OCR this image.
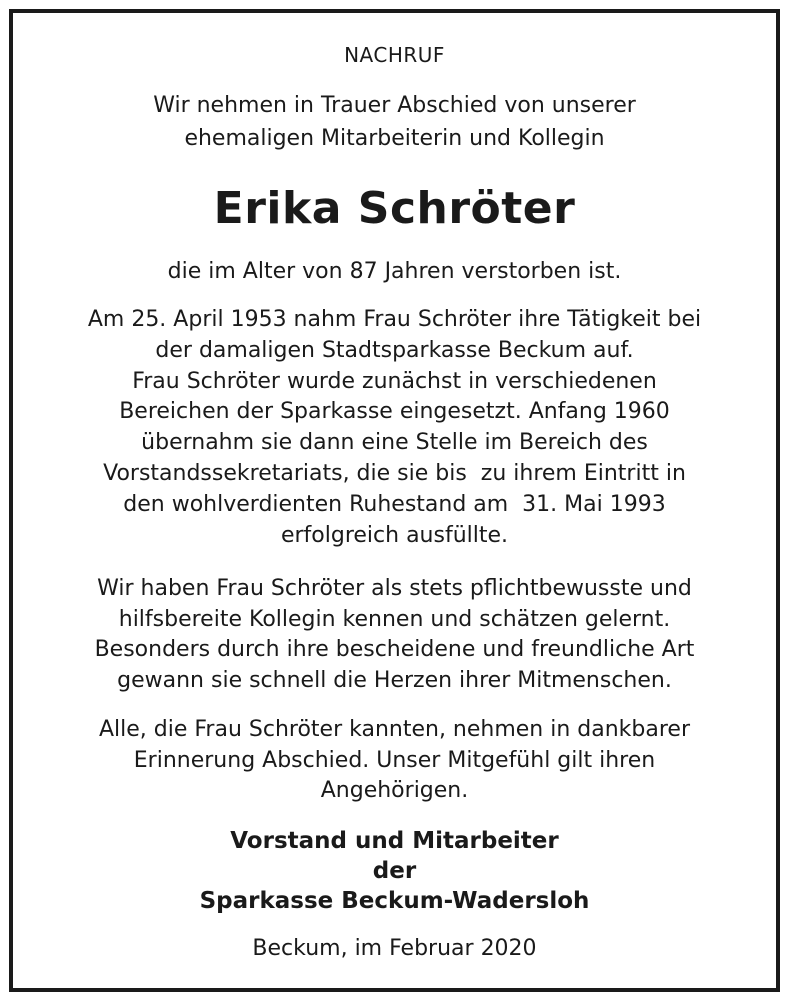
NACHRUF
Wir nehmen in Trauer Abschied von unserer
ehemaligen Mitarbeiterin und Kollegin
Erika Schröter
die im Alter von 87 Jahren verstorben ist.
Am 25. April 1953 nahm Frau Schröter ihre Tätigkeit bei
der damaligen Stadtsparkasse Beckum auf.
Frau Schröter wurde zunächst in verschiedenen
Bereichen der Sparkasse eingesetzt. Anfang 1960
übernahm sie dann eine Stelle im Bereich des
Vorstandssekretariats, die sie bis  zu ihrem Eintritt in
den wohlverdienten Ruhestand am  31. Mai 1993
erfolgreich ausfüllte.
Wir haben Frau Schröter als stets pflichtbewusste und
hilfsbereite Kollegin kennen und schätzen gelernt.
Besonders durch ihre bescheidene und freundliche Art
gewann sie schnell die Herzen ihrer Mitmenschen.
Alle, die Frau Schröter kannten, nehmen in dankbarer
Erinnerung Abschied. Unser Mitgefühl gilt ihren
Angehörigen.
Vorstand und Mitarbeiter
der
Sparkasse Beckum-Wadersloh
Beckum, im Februar 2020
